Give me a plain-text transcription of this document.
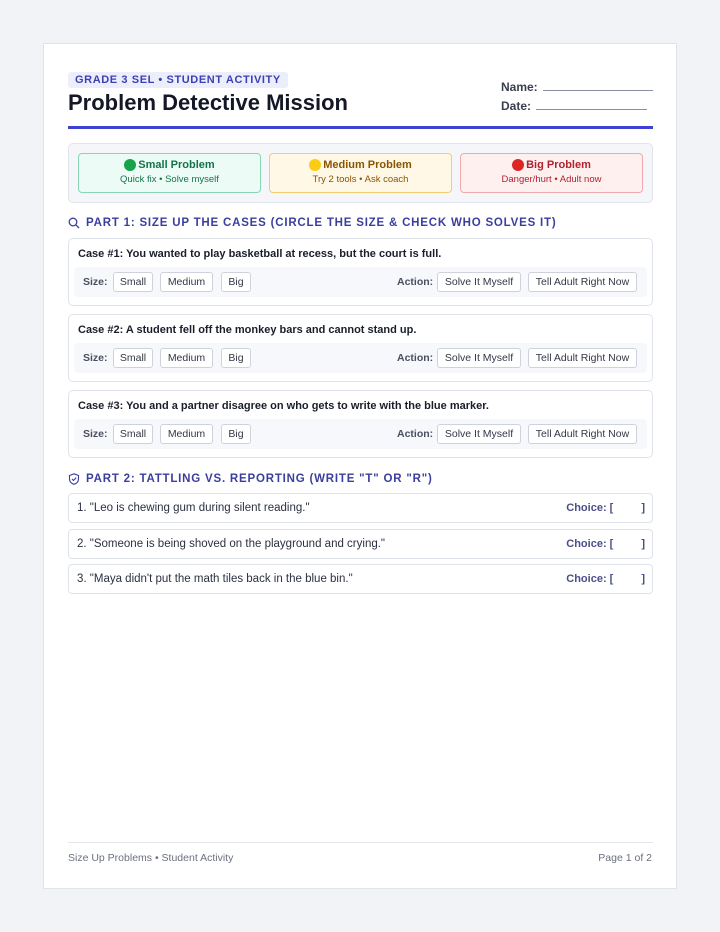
GRADE 3 SEL • STUDENT ACTIVITY
Problem Detective Mission
Name:
Date:
Small Problem
Quick fix • Solve myself
Medium Problem
Try 2 tools • Ask coach
Big Problem
Danger/hurt • Adult now
PART 1: SIZE UP THE CASES (CIRCLE THE SIZE & CHECK WHO SOLVES IT)
Case #1: You wanted to play basketball at recess, but the court is full.
Size:	Small	Medium	Big	Action:	Solve It Myself	Tell Adult Right Now
Case #2: A student fell off the monkey bars and cannot stand up.
Size:	Small	Medium	Big	Action:	Solve It Myself	Tell Adult Right Now
Case #3: You and a partner disagree on who gets to write with the blue marker.
Size:	Small	Medium	Big	Action:	Solve It Myself	Tell Adult Right Now
PART 2: TATTLING VS. REPORTING (WRITE "T" OR "R")
1. "Leo is chewing gum during silent reading."	Choice: [	]
2. "Someone is being shoved on the playground and crying."	Choice: [	]
3. "Maya didn't put the math tiles back in the blue bin."	Choice: [	]
Size Up Problems • Student Activity	Page 1 of 2
